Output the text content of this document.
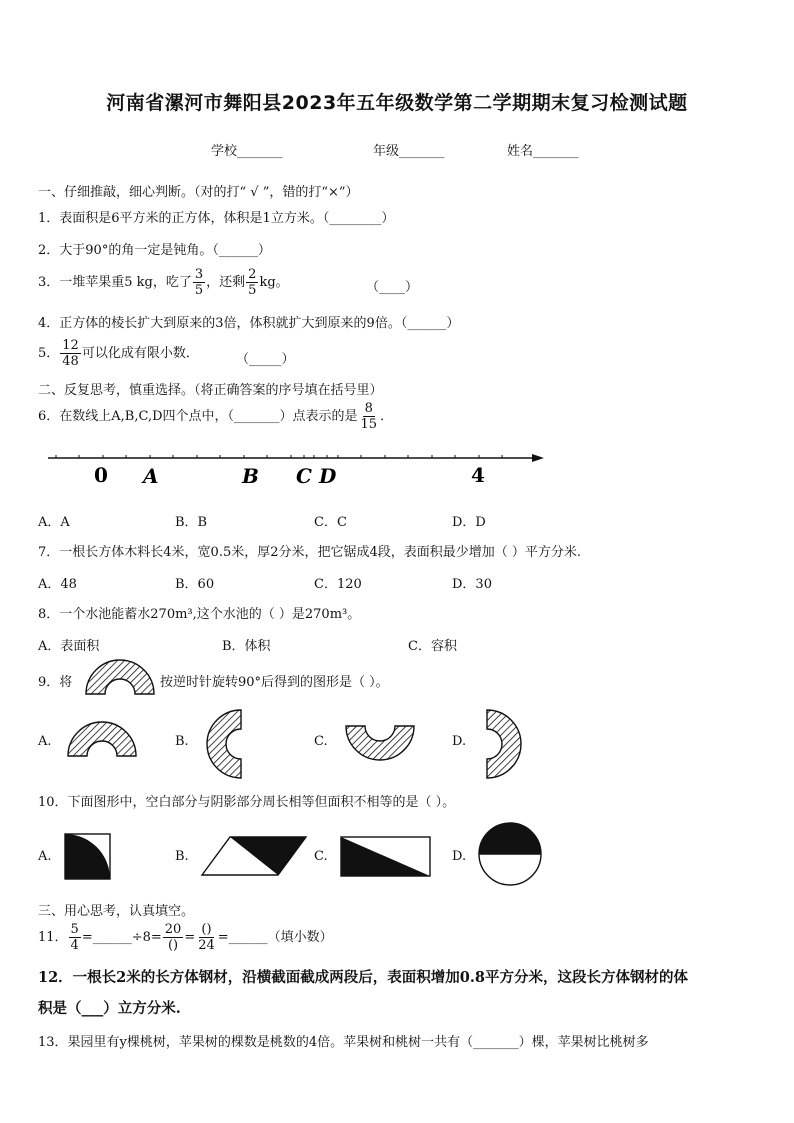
河南省漯河市舞阳县2023年五年级数学第二学期期末复习检测试题
学校_______	年级_______	姓名_______
一、仔细推敲，细心判断。（对的打“ √ ”，错的打“×”）
1．表面积是6平方米的正方体，体积是1立方米。（________）
2．大于90°的角一定是钝角。（______）
3．一堆苹果重5 kg，吃了 $\frac{3}{5}$ ，还剩 $\frac{2}{5}$ kg。	（____）
4．正方体的棱长扩大到原来的3倍，体积就扩大到原来的9倍。（______）
5． $\frac{12}{48}$ 可以化成有限小数．	（_____）
二、反复思考，慎重选择。（将正确答案的序号填在括号里）
6．在数线上A,B,C,D四个点中，（_______）点表示的是 $\frac{8}{15}$ ．
0 A	B C D	4
A．A	B．B	C．C	D．D
7．一根长方体木料长4米，宽0.5米，厚2分米，把它锯成4段，表面积最少增加（ ）平方分米.
A．48	B．60	C．120	D．30
8．一个水池能蓄水270m³,这个水池的（ ）是270m³。
A．表面积	B．体积	C．容积
9．将	按逆时针旋转90°后得到的图形是（ ）。
A.	B.	C.	D.
10．下面图形中，空白部分与阴影部分周长相等但面积不相等的是（ ）。
A.	B.	C.	D.
三、用心思考，认真填空。
11． $\frac{5}{4}$ =______÷8= $\frac{20}{()} = \frac{()}{24}$ =______（填小数）
12．一根长2米的长方体钢材，沿横截面截成两段后，表面积增加0.8平方分米，这段长方体钢材的体
积是（___）立方分米.
13．果园里有y棵桃树，苹果树的棵数是桃数的4倍。苹果树和桃树一共有（_______）棵，苹果树比桃树多
